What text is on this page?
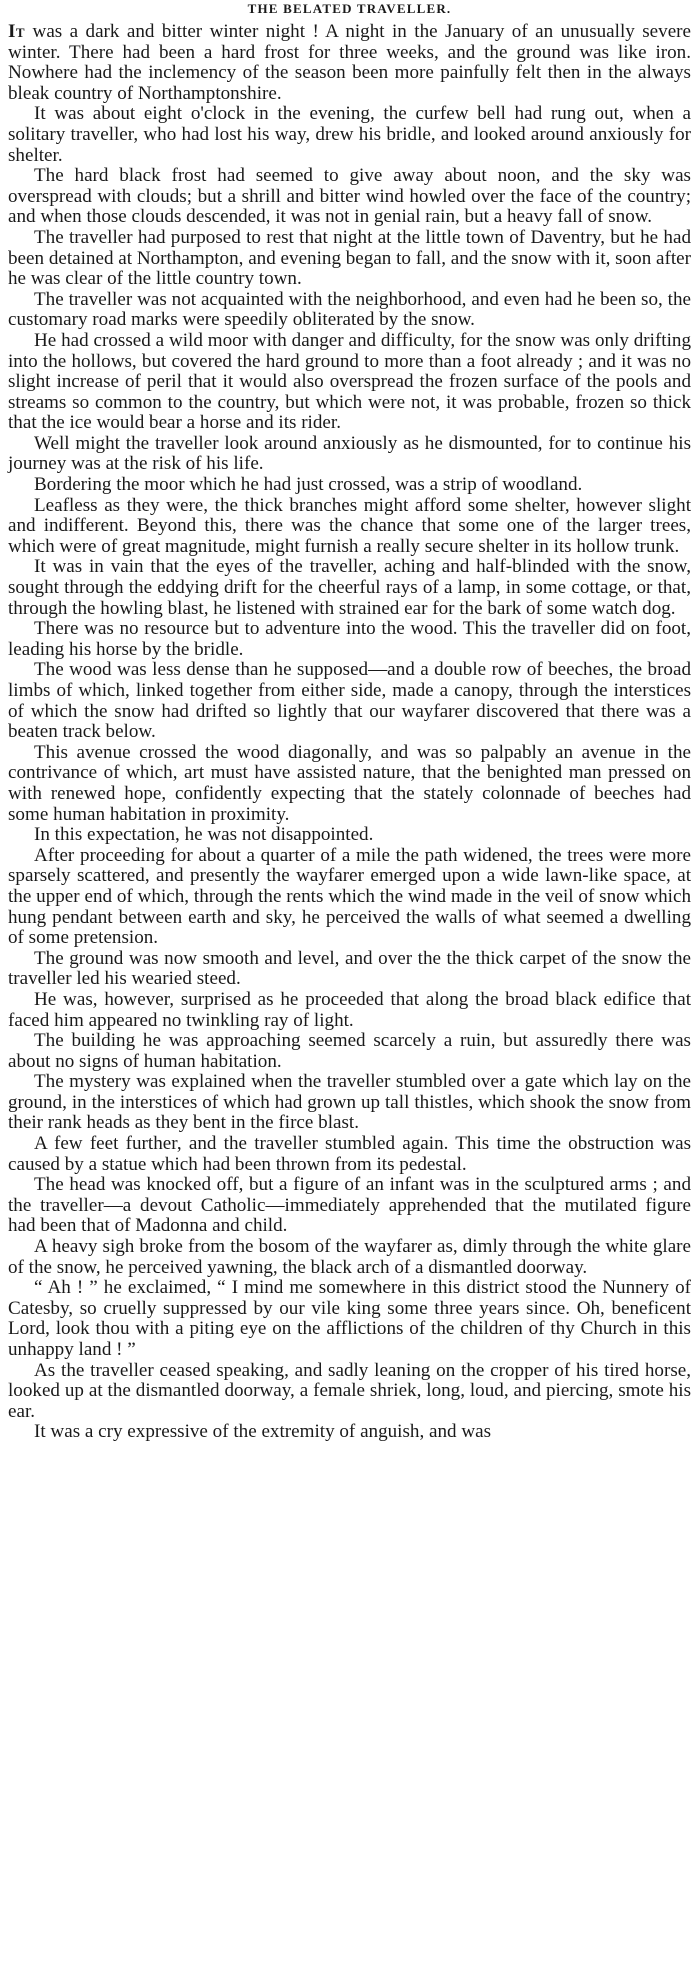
THE BELATED TRAVELLER.

It was a dark and bitter winter night ! A night in the January of an unusually severe winter. There had been a hard frost for three weeks, and the ground was like iron. Nowhere had the inclemency of the season been more painfully felt then in the always bleak country of Northamptonshire.

It was about eight o'clock in the evening, the curfew bell had rung out, when a solitary traveller, who had lost his way, drew his bridle, and looked around anxiously for shelter.

The hard black frost had seemed to give away about noon, and the sky was overspread with clouds; but a shrill and bitter wind howled over the face of the country; and when those clouds descended, it was not in genial rain, but a heavy fall of snow.

The traveller had purposed to rest that night at the little town of Daventry, but he had been detained at Northampton, and evening began to fall, and the snow with it, soon after he was clear of the little country town.

The traveller was not acquainted with the neighborhood, and even had he been so, the customary road marks were speedily obliterated by the snow.

He had crossed a wild moor with danger and difficulty, for the snow was only drifting into the hollows, but covered the hard ground to more than a foot already ; and it was no slight increase of peril that it would also overspread the frozen surface of the pools and streams so common to the country, but which were not, it was probable, frozen so thick that the ice would bear a horse and its rider.

Well might the traveller look around anxiously as he dismounted, for to continue his journey was at the risk of his life.

Bordering the moor which he had just crossed, was a strip of woodland.

Leafless as they were, the thick branches might afford some shelter, however slight and indifferent. Beyond this, there was the chance that some one of the larger trees, which were of great magnitude, might furnish a really secure shelter in its hollow trunk.

It was in vain that the eyes of the traveller, aching and half-blinded with the snow, sought through the eddying drift for the cheerful rays of a lamp, in some cottage, or that, through the howling blast, he listened with strained ear for the bark of some watch dog.

There was no resource but to adventure into the wood. This the traveller did on foot, leading his horse by the bridle.

The wood was less dense than he supposed—and a double row of beeches, the broad limbs of which, linked together from either side, made a canopy, through the interstices of which the snow had drifted so lightly that our wayfarer discovered that there was a beaten track below.

This avenue crossed the wood diagonally, and was so palpably an avenue in the contrivance of which, art must have assisted nature, that the benighted man pressed on with renewed hope, confidently expecting that the stately colonnade of beeches had some human habitation in proximity.

In this expectation, he was not disappointed.

After proceeding for about a quarter of a mile the path widened, the trees were more sparsely scattered, and presently the wayfarer emerged upon a wide lawn-like space, at the upper end of which, through the rents which the wind made in the veil of snow which hung pendant between earth and sky, he perceived the walls of what seemed a dwelling of some pretension.

The ground was now smooth and level, and over the the thick carpet of the snow the traveller led his wearied steed.

He was, however, surprised as he proceeded that along the broad black edifice that faced him appeared no twinkling ray of light.

The building he was approaching seemed scarcely a ruin, but assuredly there was about no signs of human habitation.

The mystery was explained when the traveller stumbled over a gate which lay on the ground, in the interstices of which had grown up tall thistles, which shook the snow from their rank heads as they bent in the firce blast.

A few feet further, and the traveller stumbled again. This time the obstruction was caused by a statue which had been thrown from its pedestal.

The head was knocked off, but a figure of an infant was in the sculptured arms ; and the traveller—a devout Catholic—immediately apprehended that the mutilated figure had been that of Madonna and child.

A heavy sigh broke from the bosom of the wayfarer as, dimly through the white glare of the snow, he perceived yawning, the black arch of a dismantled doorway.

“ Ah ! ” he exclaimed, “ I mind me somewhere in this district stood the Nunnery of Catesby, so cruelly suppressed by our vile king some three years since. Oh, beneficent Lord, look thou with a piting eye on the afflictions of the children of thy Church in this unhappy land ! ”

As the traveller ceased speaking, and sadly leaning on the cropper of his tired horse, looked up at the dismantled doorway, a female shriek, long, loud, and piercing, smote his ear.

It was a cry expressive of the extremity of anguish, and was
